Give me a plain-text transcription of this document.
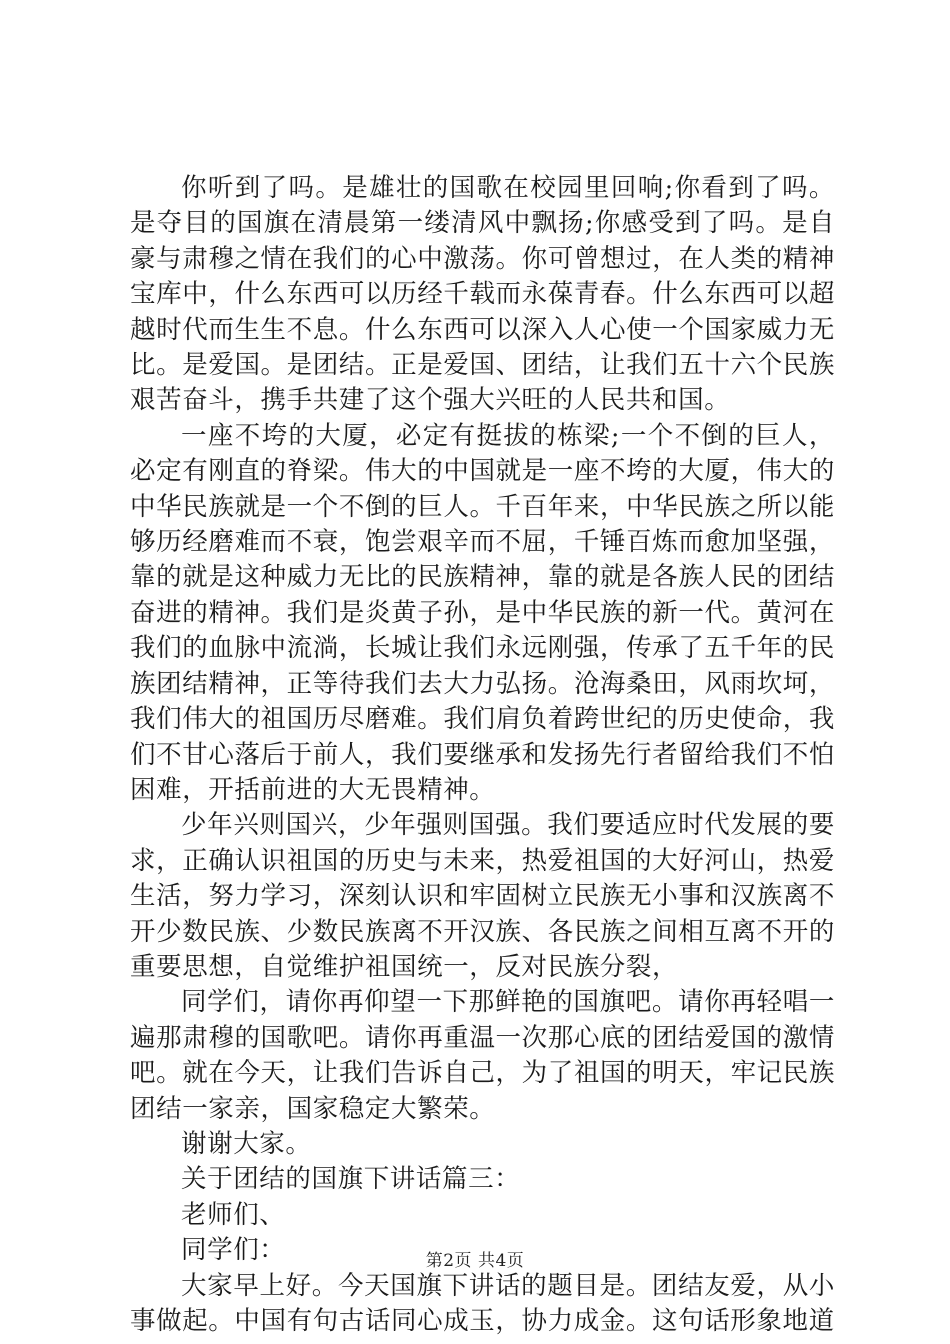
你听到了吗。是雄壮的国歌在校园里回响;你看到了吗。是夺目的国旗在清晨第一缕清风中飘扬;你感受到了吗。是自豪与肃穆之情在我们的心中激荡。你可曾想过，在人类的精神宝库中，什么东西可以历经千载而永葆青春。什么东西可以超越时代而生生不息。什么东西可以深入人心使一个国家威力无比。是爱国。是团结。正是爱国、团结，让我们五十六个民族艰苦奋斗，携手共建了这个强大兴旺的人民共和国。

一座不垮的大厦，必定有挺拔的栋梁;一个不倒的巨人，必定有刚直的脊梁。伟大的中国就是一座不垮的大厦，伟大的中华民族就是一个不倒的巨人。千百年来，中华民族之所以能够历经磨难而不衰，饱尝艰辛而不屈，千锤百炼而愈加坚强，靠的就是这种威力无比的民族精神，靠的就是各族人民的团结奋进的精神。我们是炎黄子孙，是中华民族的新一代。黄河在我们的血脉中流淌，长城让我们永远刚强，传承了五千年的民族团结精神，正等待我们去大力弘扬。沧海桑田，风雨坎坷，我们伟大的祖国历尽磨难。我们肩负着跨世纪的历史使命，我们不甘心落后于前人，我们要继承和发扬先行者留给我们不怕困难，开括前进的大无畏精神。

少年兴则国兴，少年强则国强。我们要适应时代发展的要求，正确认识祖国的历史与未来，热爱祖国的大好河山，热爱生活，努力学习，深刻认识和牢固树立民族无小事和汉族离不开少数民族、少数民族离不开汉族、各民族之间相互离不开的重要思想，自觉维护祖国统一，反对民族分裂，

同学们，请你再仰望一下那鲜艳的国旗吧。请你再轻唱一遍那肃穆的国歌吧。请你再重温一次那心底的团结爱国的激情吧。就在今天，让我们告诉自己，为了祖国的明天，牢记民族团结一家亲，国家稳定大繁荣。

谢谢大家。

关于团结的国旗下讲话篇三：

老师们、

同学们：

大家早上好。今天国旗下讲话的题目是。团结友爱，从小事做起。中国有句古话同心成玉，协力成金。这句话形象地道

第2页 共4页
